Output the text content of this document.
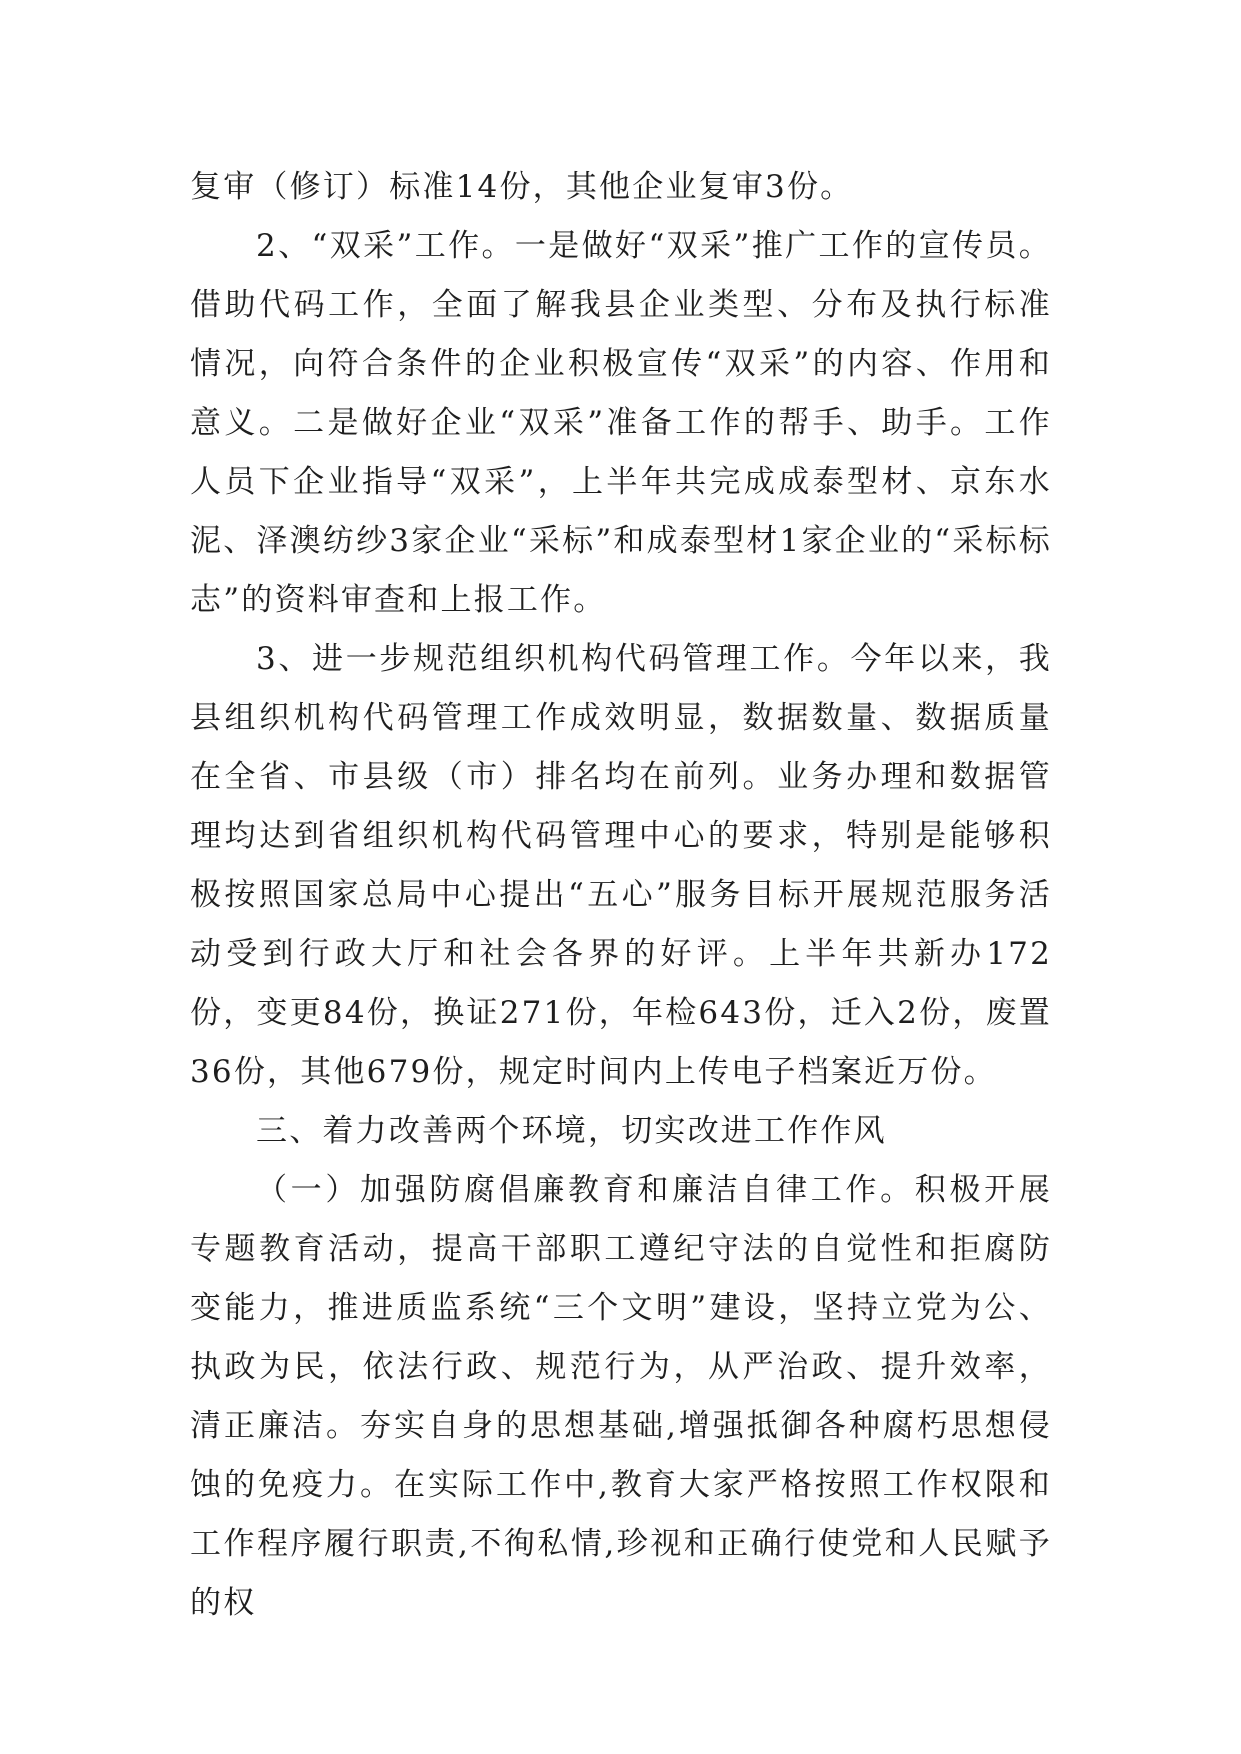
复审（修订）标准14份，其他企业复审3份。

2、“双采”工作。一是做好“双采”推广工作的宣传员。借助代码工作，全面了解我县企业类型、分布及执行标准情况，向符合条件的企业积极宣传“双采”的内容、作用和意义。二是做好企业“双采”准备工作的帮手、助手。工作人员下企业指导“双采”，上半年共完成成泰型材、京东水泥、泽澳纺纱3家企业“采标”和成泰型材1家企业的“采标标志”的资料审查和上报工作。

3、进一步规范组织机构代码管理工作。今年以来，我县组织机构代码管理工作成效明显，数据数量、数据质量在全省、市县级（市）排名均在前列。业务办理和数据管理均达到省组织机构代码管理中心的要求，特别是能够积极按照国家总局中心提出“五心”服务目标开展规范服务活动受到行政大厅和社会各界的好评。上半年共新办172份，变更84份，换证271份，年检643份，迁入2份，废置36份，其他679份，规定时间内上传电子档案近万份。

三、着力改善两个环境，切实改进工作作风

（一）加强防腐倡廉教育和廉洁自律工作。积极开展专题教育活动，提高干部职工遵纪守法的自觉性和拒腐防变能力，推进质监系统“三个文明”建设，坚持立党为公、执政为民，依法行政、规范行为，从严治政、提升效率，清正廉洁。夯实自身的思想基础,增强抵御各种腐朽思想侵蚀的免疫力。在实际工作中,教育大家严格按照工作权限和工作程序履行职责,不徇私情,珍视和正确行使党和人民赋予的权
